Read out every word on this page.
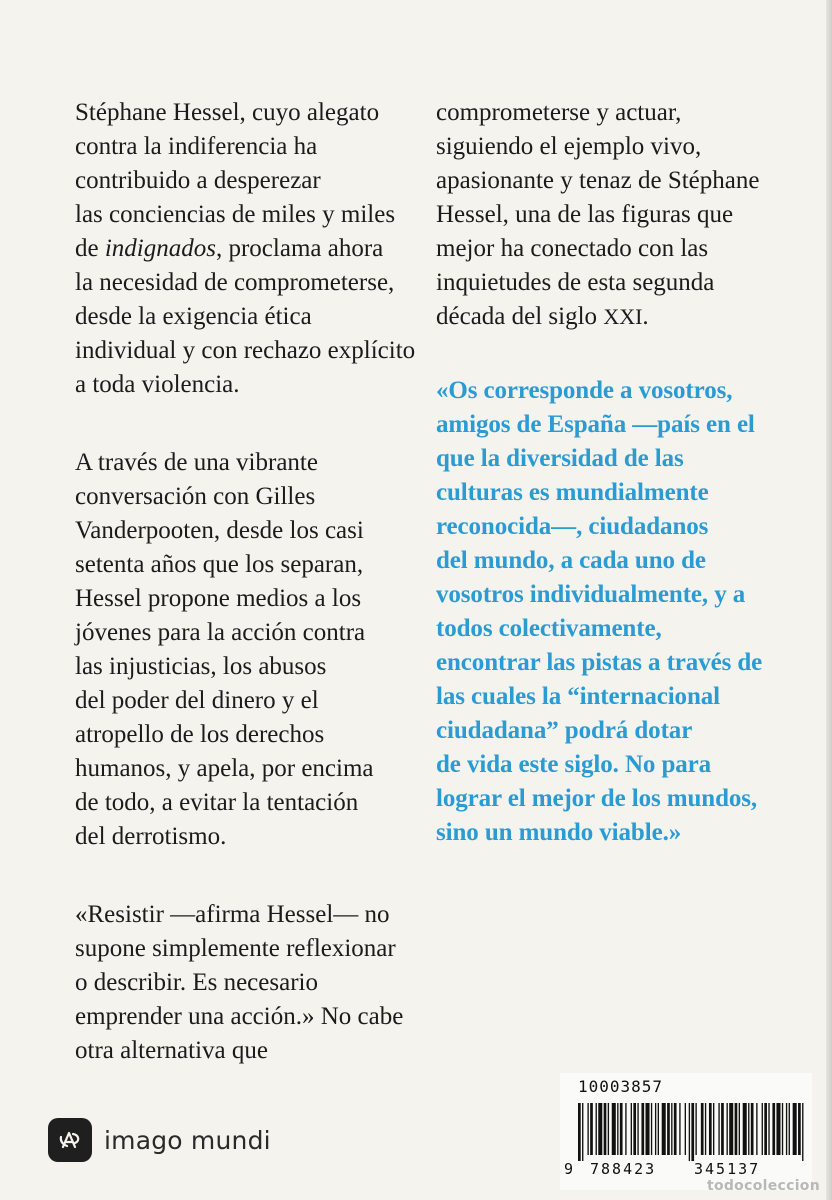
Stéphane Hessel, cuyo alegato
contra la indiferencia ha
contribuido a desperezar
las conciencias de miles y miles
de indignados, proclama ahora
la necesidad de comprometerse,
desde la exigencia ética
individual y con rechazo explícito
a toda violencia.

A través de una vibrante
conversación con Gilles
Vanderpooten, desde los casi
setenta años que los separan,
Hessel propone medios a los
jóvenes para la acción contra
las injusticias, los abusos
del poder del dinero y el
atropello de los derechos
humanos, y apela, por encima
de todo, a evitar la tentación
del derrotismo.

«Resistir —afirma Hessel— no
supone simplemente reflexionar
o describir. Es necesario
emprender una acción.» No cabe
otra alternativa que

comprometerse y actuar,
siguiendo el ejemplo vivo,
apasionante y tenaz de Stéphane
Hessel, una de las figuras que
mejor ha conectado con las
inquietudes de esta segunda
década del siglo XXI.

«Os corresponde a vosotros,
amigos de España —país en el
que la diversidad de las
culturas es mundialmente
reconocida—, ciudadanos
del mundo, a cada uno de
vosotros individualmente, y a
todos colectivamente,
encontrar las pistas a través de
las cuales la “internacional
ciudadana” podrá dotar
de vida este siglo. No para
lograr el mejor de los mundos,
sino un mundo viable.»

imago mundi
10003857
9 788423	345137
todocoleccion
